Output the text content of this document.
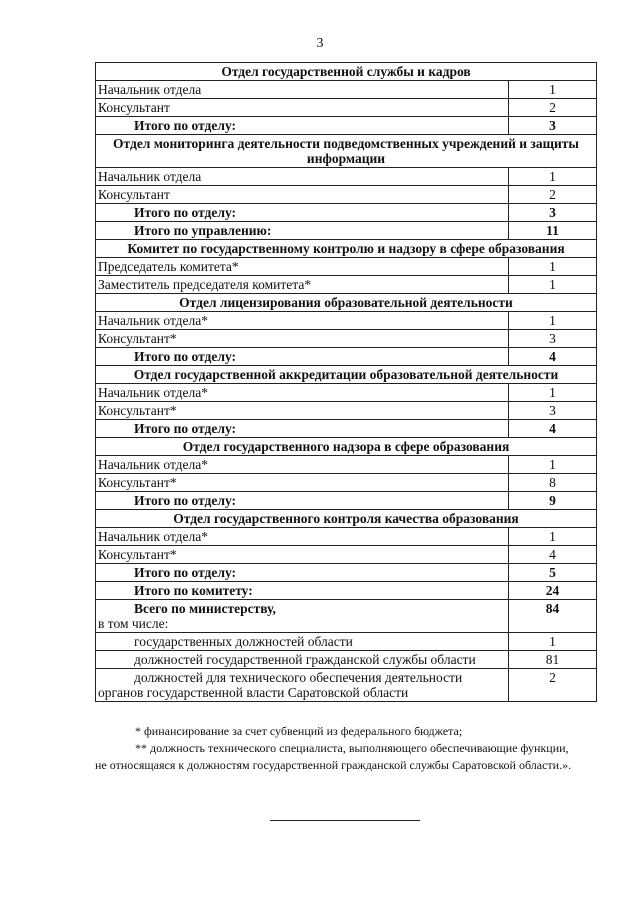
3
Отдел государственной службы и кадров	
Начальник отдела	1
Консультант	2
Итого по отделу:	3
Отдел мониторинга деятельности подведомственных учреждений и защиты информации	
Начальник отдела	1
Консультант	2
Итого по отделу:	3
Итого по управлению:	11
Комитет по государственному контролю и надзору в сфере образования	
Председатель комитета*	1
Заместитель председателя комитета*	1
Отдел лицензирования образовательной деятельности	
Начальник отдела*	1
Консультант*	3
Итого по отделу:	4
Отдел государственной аккредитации образовательной деятельности	
Начальник отдела*	1
Консультант*	3
Итого по отделу:	4
Отдел государственного надзора в сфере образования	
Начальник отдела*	1
Консультант*	8
Итого по отделу:	9
Отдел государственного контроля качества образования	
Начальник отдела*	1
Консультант*	4
Итого по отделу:	5
Итого по комитету:	24

Всего по министерству,
в том числе:	84
государственных должностей области	1
должностей государственной гражданской службы области	81

должностей для технического обеспечения деятельности
органов государственной власти Саратовской области	2

* финансирование за счет субвенций из федерального бюджета;

** должность технического специалиста, выполняющего обеспечивающие функции,

не относящаяся к должностям государственной гражданской службы Саратовской области.».
